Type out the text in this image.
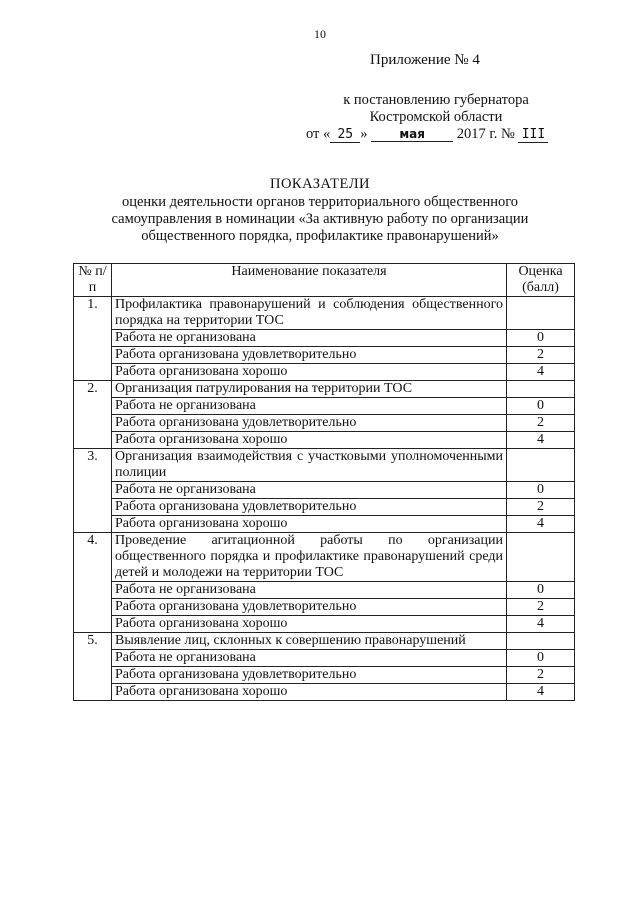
10
Приложение № 4
к постановлению губернатора
Костромской области
от « 25 »	мая 2017 г. № III
ПОКАЗАТЕЛИ
оценки деятельности органов территориального общественного самоуправления в номинации «За активную работу по организации общественного порядка, профилактике правонарушений»
№ п/п	Наименование показателя	Оценка (балл)
1.	Профилактика правонарушений и соблюдения общественного порядка на территории ТОС	
	Работа не организована	0
	Работа организована удовлетворительно	2
	Работа организована хорошо	4
2.	Организация патрулирования на территории ТОС	
	Работа не организована	0
	Работа организована удовлетворительно	2
	Работа организована хорошо	4
3.	Организация взаимодействия с участковыми уполномоченными полиции	
	Работа не организована	0
	Работа организована удовлетворительно	2
	Работа организована хорошо	4
4.	Проведение агитационной работы по организации общественного порядка и профилактике правонарушений среди детей и молодежи на территории ТОС	
	Работа не организована	0
	Работа организована удовлетворительно	2
	Работа организована хорошо	4
5.	Выявление лиц, склонных к совершению правонарушений	
	Работа не организована	0
	Работа организована удовлетворительно	2
	Работа организована хорошо	4
